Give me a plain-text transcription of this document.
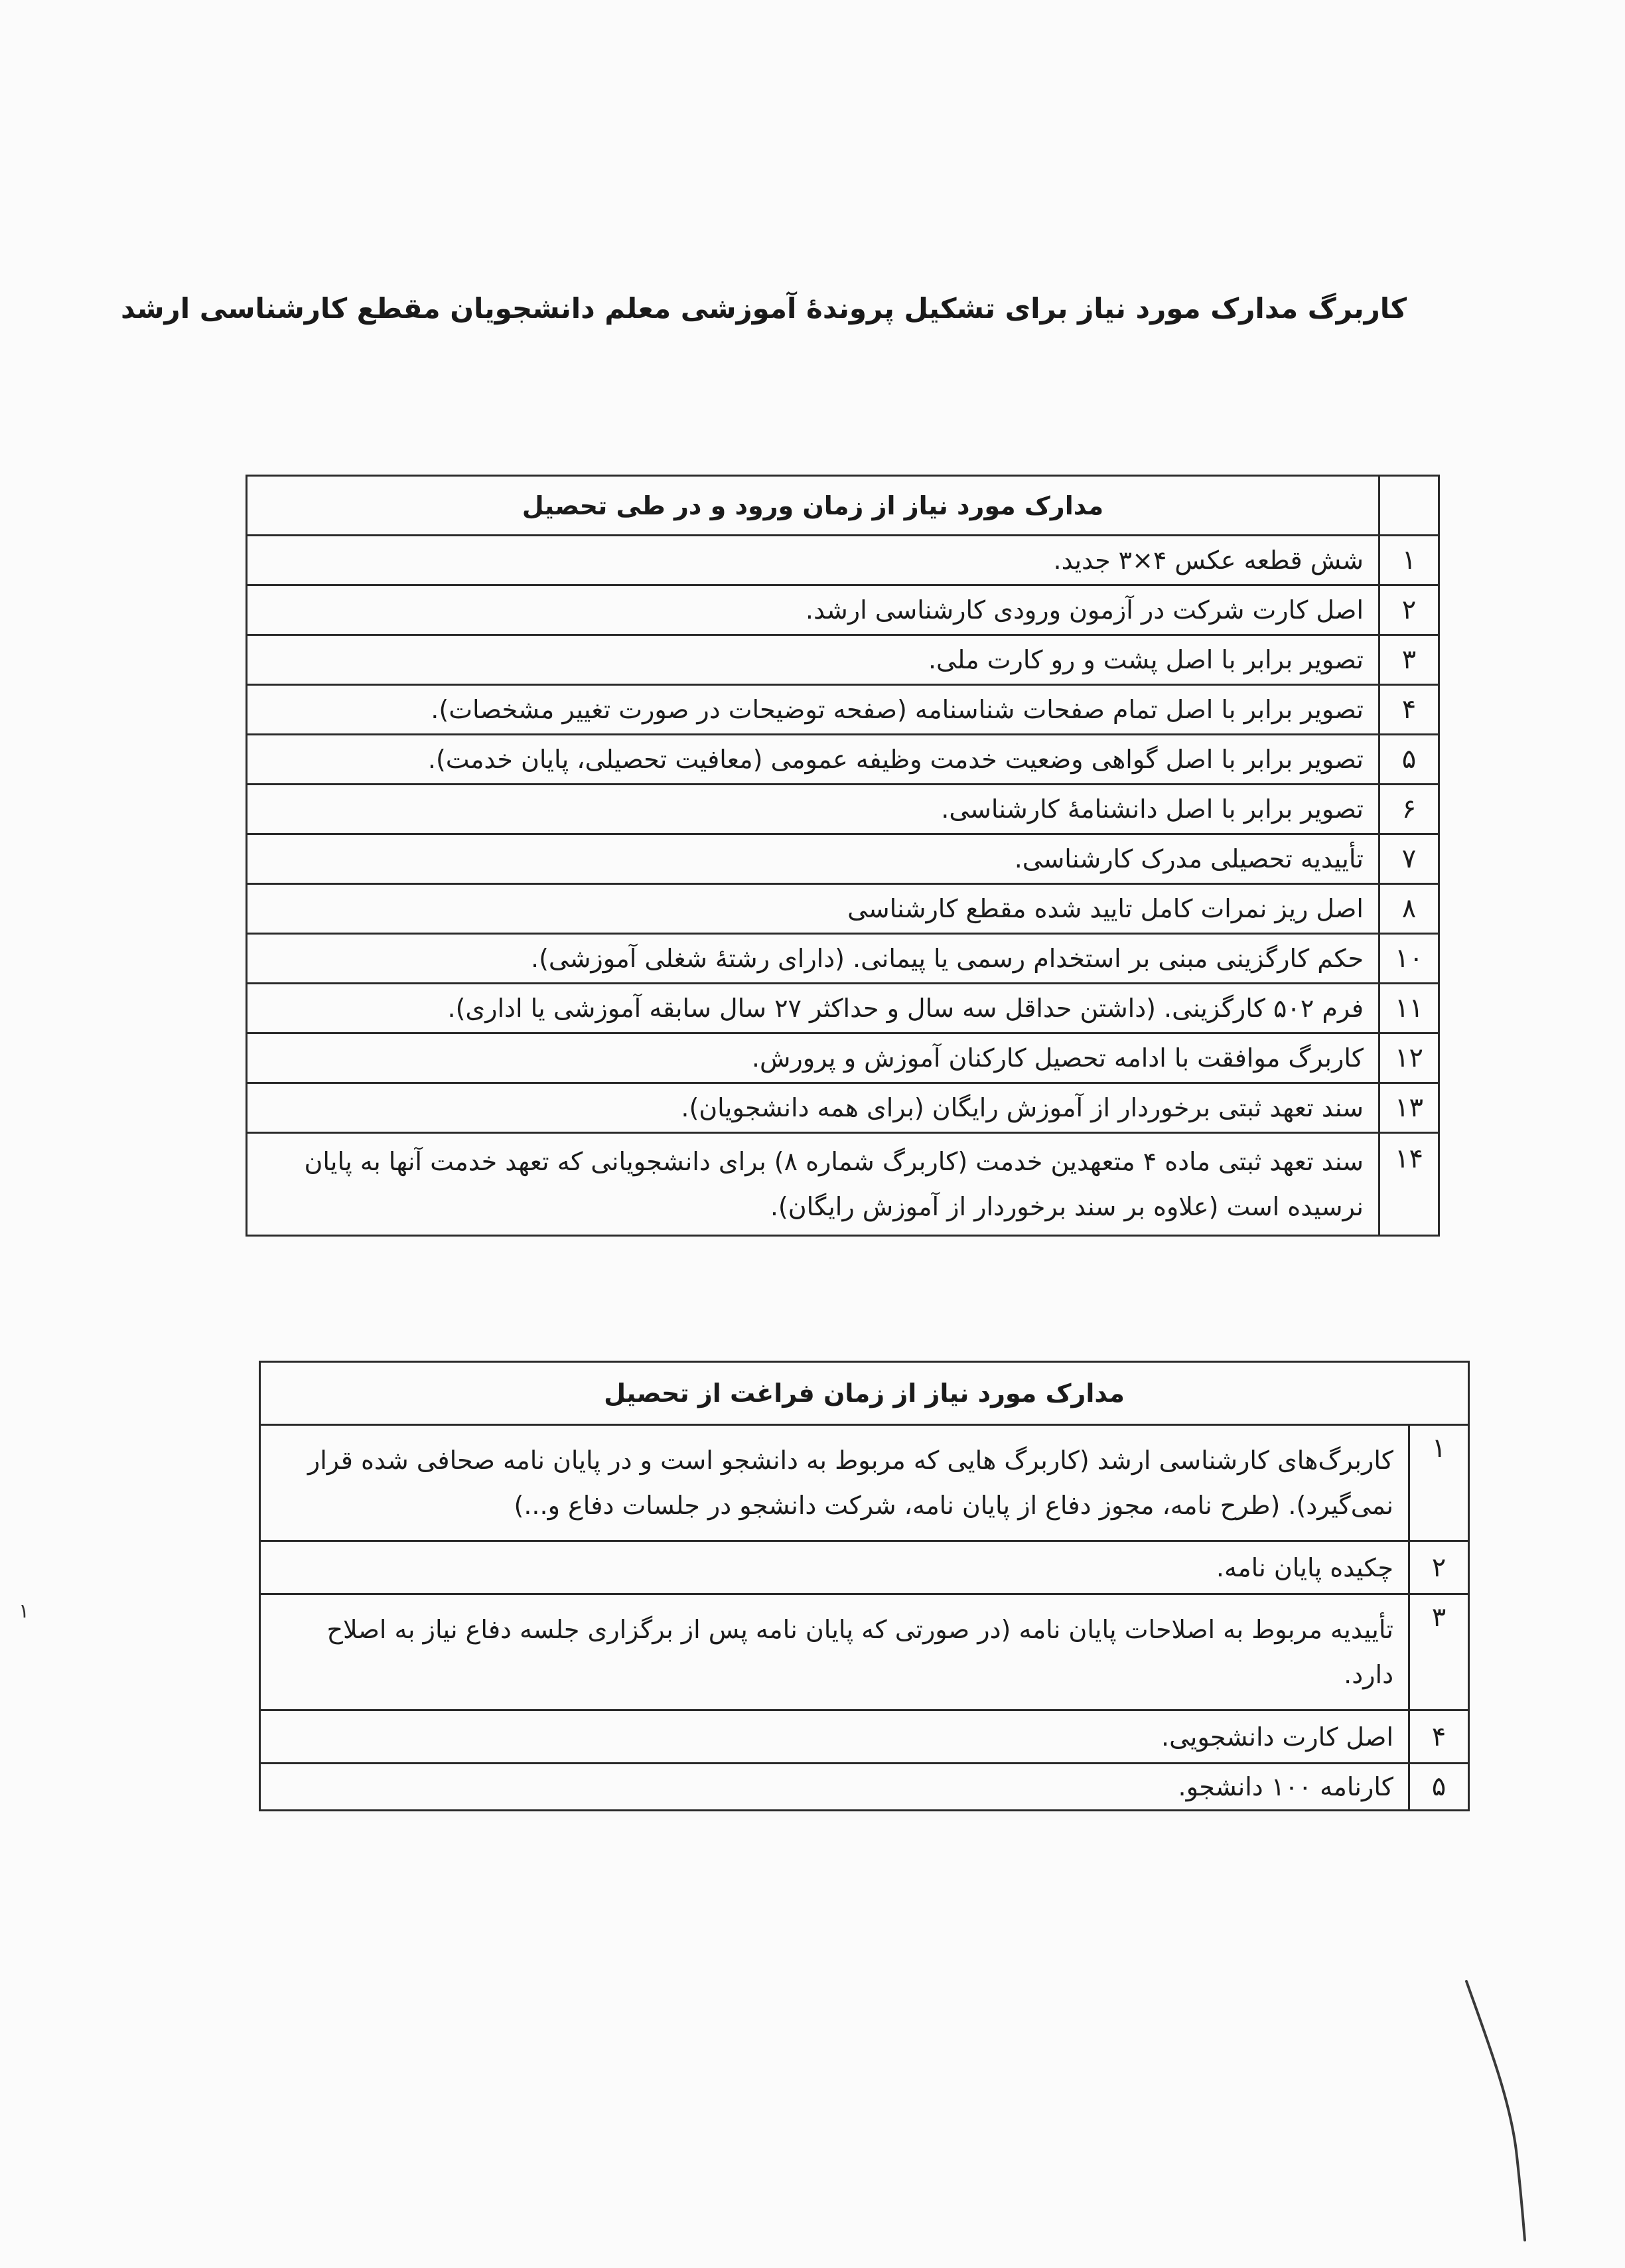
کاربرگ مدارک مورد نیاز برای تشکیل پروندۀ آموزشی معلم دانشجویان مقطع کارشناسی ارشد
	مدارک مورد نیاز از زمان ورود و در طی تحصیل
۱	شش قطعه عکس ۴×۳ جدید.
۲	اصل کارت شرکت در آزمون ورودی کارشناسی ارشد.
۳	تصویر برابر با اصل پشت و رو کارت ملی.
۴	تصویر برابر با اصل تمام صفحات شناسنامه (صفحه توضیحات در صورت تغییر مشخصات).
۵	تصویر برابر با اصل گواهی وضعیت خدمت وظیفه عمومی (معافیت تحصیلی، پایان خدمت).
۶	تصویر برابر با اصل دانشنامۀ کارشناسی.
۷	تأییدیه تحصیلی مدرک کارشناسی.
۸	اصل ریز نمرات کامل تایید شده مقطع کارشناسی
۱۰	حکم کارگزینی مبنی بر استخدام رسمی یا پیمانی. (دارای رشتۀ شغلی آموزشی).
۱۱	فرم ۵۰۲ کارگزینی. (داشتن حداقل سه سال و حداکثر ۲۷ سال سابقه آموزشی یا اداری).
۱۲	کاربرگ موافقت با ادامه تحصیل کارکنان آموزش و پرورش.
۱۳	سند تعهد ثبتی برخوردار از آموزش رایگان (برای همه دانشجویان).
۱۴	سند تعهد ثبتی ماده ۴ متعهدین خدمت (کاربرگ شماره ۸) برای دانشجویانی که تعهد خدمت آنها به پایان نرسیده است (علاوه بر سند برخوردار از آموزش رایگان).
مدارک مورد نیاز از زمان فراغت از تحصیل	
۱	کاربرگ‌های کارشناسی ارشد (کاربرگ هایی که مربوط به دانشجو است و در پایان نامه صحافی شده قرار نمی‌گیرد). (طرح نامه، مجوز دفاع از پایان نامه، شرکت دانشجو در جلسات دفاع و...)
۲	چکیده پایان نامه.
۳	تأییدیه مربوط به اصلاحات پایان نامه (در صورتی که پایان نامه پس از برگزاری جلسه دفاع نیاز به اصلاح دارد.
۴	اصل کارت دانشجویی.
۵	کارنامه ۱۰۰ دانشجو.
۱
